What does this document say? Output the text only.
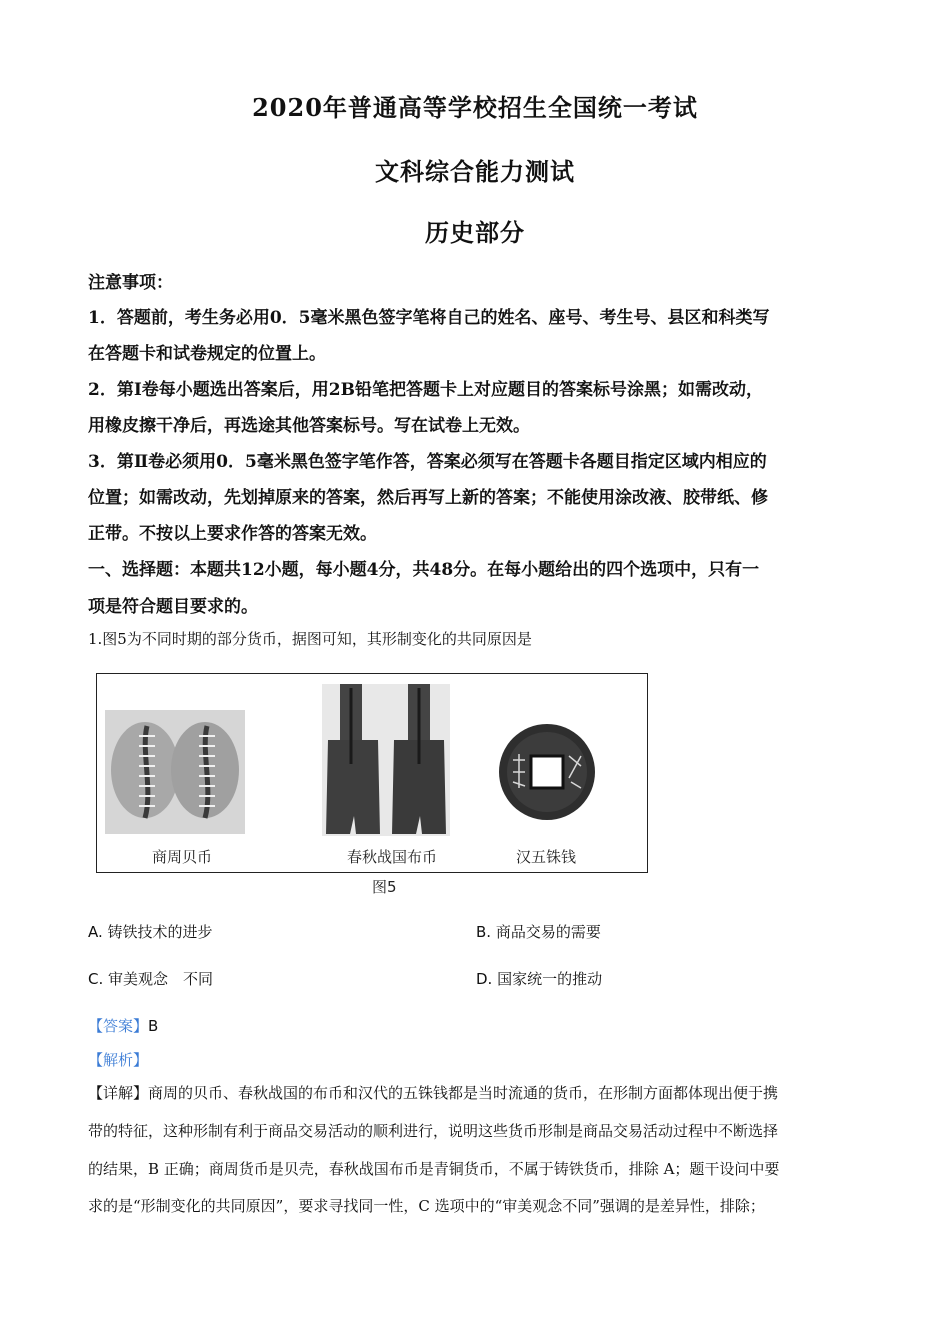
2020年普通高等学校招生全国统一考试
文科综合能力测试
历史部分
注意事项：
1．答题前，考生务必用0．5毫米黑色签字笔将自己的姓名、座号、考生号、县区和科类写
在答题卡和试卷规定的位置上。
2．第Ⅰ卷每小题选出答案后，用2B铅笔把答题卡上对应题目的答案标号涂黑；如需改动，
用橡皮擦干净后，再选途其他答案标号。写在试卷上无效。
3．第Ⅱ卷必须用0．5毫米黑色签字笔作答，答案必须写在答题卡各题目指定区域内相应的
位置；如需改动，先划掉原来的答案，然后再写上新的答案；不能使用涂改液、胶带纸、修
正带。不按以上要求作答的答案无效。
一、选择题：本题共12小题，每小题4分，共48分。在每小题给出的四个选项中，只有一
项是符合题目要求的。
1.图5为不同时期的部分货币，据图可知，其形制变化的共同原因是
商周贝币	春秋战国布币	汉五铢钱
图5
A. 铸铁技术的进步	B. 商品交易的需要
C. 审美观念　不同	D. 国家统一的推动
【答案】B
【解析】
【详解】商周的贝币、春秋战国的布币和汉代的五铢钱都是当时流通的货币，在形制方面都体现出便于携
带的特征，这种形制有利于商品交易活动的顺利进行，说明这些货币形制是商品交易活动过程中不断选择
的结果，B 正确；商周货币是贝壳，春秋战国布币是青铜货币，不属于铸铁货币，排除 A；题干设问中要
求的是“形制变化的共同原因”，要求寻找同一性，C 选项中的“审美观念不同”强调的是差异性，排除；
